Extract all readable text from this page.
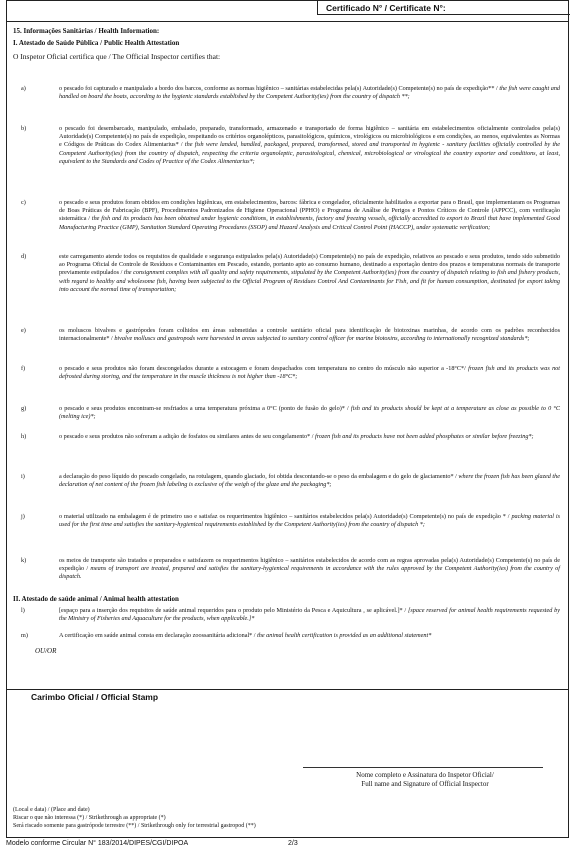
Certificado N° / Certificate N°:
15. Informações Sanitárias / Health Information:
I. Atestado de Saúde Pública / Public Health Attestation
O Inspetor Oficial certifica que / The Official Inspector certifies that:
a)	o pescado foi capturado e manipulado a bordo dos barcos, conforme as normas higiênico – sanitárias estabelecidas pela(s) Autoridade(s) Competente(s) no país de expedição** / the fish were caught and handled on board the boats, according to the hygienic standards established by the Competent Authority(ies) from the country of dispatch **;
b)	o pescado foi desembarcado, manipulado, embalado, preparado, transformado, armazenado e transportado de forma higiênico – sanitária em estabelecimentos oficialmente controlados pela(s) Autoridade(s) Competente(s) no país de expedição, respeitando os critérios organolépticos, parasitológicos, químicos, virológicos ou microbiológicos e em condições, ao menos, equivalentes as Normas e Códigos de Práticas do Codex Alimentarius* / the fish were landed, handled, packaged, prepared, transformed, stored and transported in hygienic - sanitary facilities officially controlled by the Competent Authority(ies) from the country of dispatch, respecting the criteria organoleptic, parasitological, chemical, microbiological or virological the country exporter and conditions, at least, equivalent to the Standards and Codes of Practice of the Codex Alimentarius*;
c)	o pescado e seus produtos foram obtidos em condições higiênicas, em estabelecimentos, barcos: fábrica e congelador, oficialmente habilitados a exportar para o Brasil, que implementaram os Programas de Boas Práticas de Fabricação (BPF), Procedimentos Padronizados de Higiene Operacional (PPHO) e Programa de Análise de Perigos e Pontos Críticos de Controle (APPCC), com verificação sistemática / the fish and its products has been obtained under hygienic conditions, in establishments, factory and freezing vessels, officially accredited to export to Brazil that have implemented Good Manufacturing Practice (GMP), Sanitation Standard Operating Procedures (SSOP) and Hazard Analysis and Critical Control Point (HACCP), under systematic verification;
d)	este carregamento atende todos os requisitos de qualidade e segurança estipulados pela(s) Autoridade(s) Competente(s) no país de expedição, relativos ao pescado e seus produtos, tendo sido submetido ao Programa Oficial de Controle de Resíduos e Contaminantes em Pescado, estando, portanto apto ao consumo humano, destinado a exportação dentro dos prazos e temperaturas normais de transporte previamente estipulados / the consignment complies with all quality and safety requirements, stipulated by the Competent Authority(ies) from the country of dispatch relating to fish and fishery products, with regard to healthy and wholesome fish, having been subjected to the Official Program of Residues Control And Contaminants for Fish, and fit for human consumption, destinated for export taking into account the normal time of transportation;
e)	os moluscos bivalves e gastrópodes foram colhidos em áreas submetidas a controle sanitário oficial para identificação de biotoxinas marinhas, de acordo com os padrões reconhecidos internacionalmente* / bivalve molluscs and gastropods were harvested in areas subjected to sanitary control officer for marine biotoxins, according to internationally recognized standards*;
f)	o pescado e seus produtos não foram descongelados durante a estocagem e foram despachados com temperatura no centro do músculo não superior a -18°C*/ frozen fish and its products was not defrosted during storing, and the temperature in the muscle thickness is not higher than -18°C*;
g)	o pescado e seus produtos encontram-se resfriados a uma temperatura próxima a 0°C (ponto de fusão do gelo)* / fish and its products should be kept at a temperature as close as possible to 0 °C (melting ice)*;
h)	o pescado e seus produtos não sofreram a adição de fosfatos ou similares antes de seu congelamento* / frozen fish and its products have not been added phosphates or similar before freezing*;
i)	a declaração do peso líquido do pescado congelado, na rotulagem, quando glaciado, foi obtida descontando-se o peso da embalagem e do gelo de glaciamento* / where the frozen fish has been glazed the declaration of net content of the frozen fish labeling is exclusive of the weigh of the glaze and the packaging*;
j)	o material utilizado na embalagem é de primeiro uso e satisfaz os requerimentos higiênico – sanitários estabelecidos pela(s) Autoridade(s) Competente(s) no país de expedição * / packing material is used for the first time and satisfies the sanitary-hygienical requirements established by the Competent Authority(ies) from the country of dispatch *;
k)	os meios de transporte são tratados e preparados e satisfazem os requerimentos higiênico – sanitários estabelecidos de acordo com as regras aprovadas pela(s) Autoridade(s) Competente(s) no país de expedição / means of transport are treated, prepared and satisfies the sanitary-hygienical requirements in accordance with the rules approved by the Competent Authority(ies) from the country of dispatch.
II. Atestado de saúde animal / Animal health attestation
l)	[espaço para a inserção dos requisitos de saúde animal requeridos para o produto pelo Ministério da Pesca e Aquicultura , se aplicável.]* / [space reserved for animal health requirements requested by the Ministry of Fisheries and Aquaculture for the products, when applicable.]*
m)	A certificação em saúde animal consta em declaração zoossanitária adicional* / the animal health certification is provided as an additional statement*
OU/OR
Carimbo Oficial / Official Stamp
Nome completo e Assinatura do Inspetor Oficial/
Full name and Signature of Official Inspector
(Local e data) / (Place and date)
Riscar o que não interessa (*) / Strikethrough as appropriate (*)
Será riscado somente para gastrópode terrestre (**) / Strikethrough only for terrestrial gastropod (**)
Modelo conforme Circular N° 183/2014/DIPES/CGI/DIPOA	2/3
